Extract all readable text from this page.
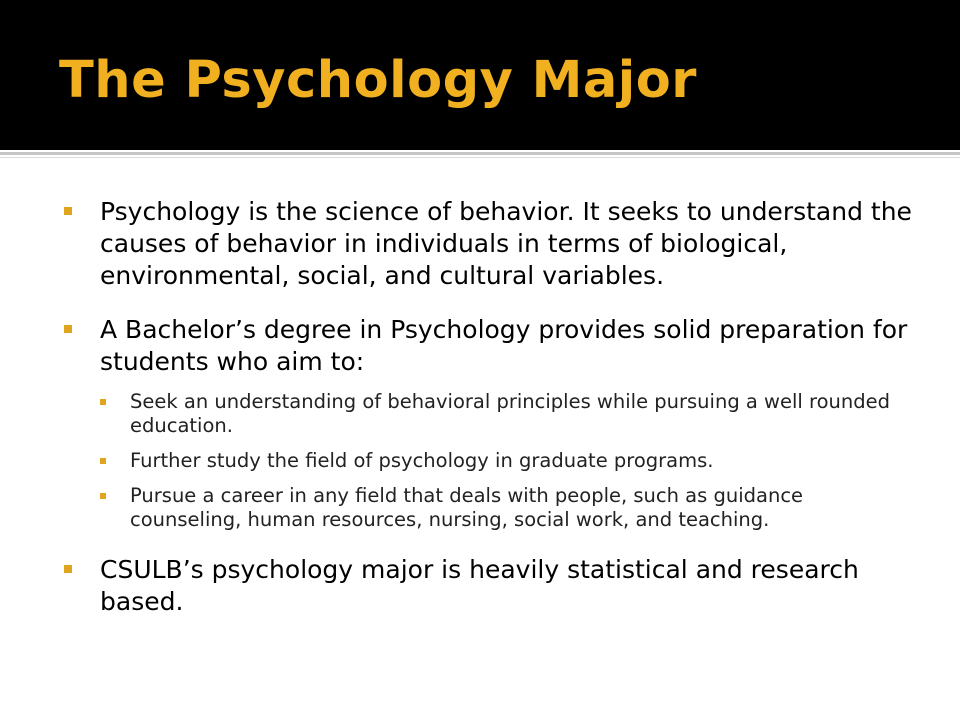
The Psychology Major
Psychology is the science of behavior. It seeks to understand the causes of behavior in individuals in terms of biological, environmental, social, and cultural variables.
A Bachelor’s degree in Psychology provides solid preparation for students who aim to:
Seek an understanding of behavioral principles while pursuing a well rounded education.
Further study the field of psychology in graduate programs.
Pursue a career in any field that deals with people, such as guidance counseling, human resources, nursing, social work, and teaching.
CSULB’s psychology major is heavily statistical and research based.
